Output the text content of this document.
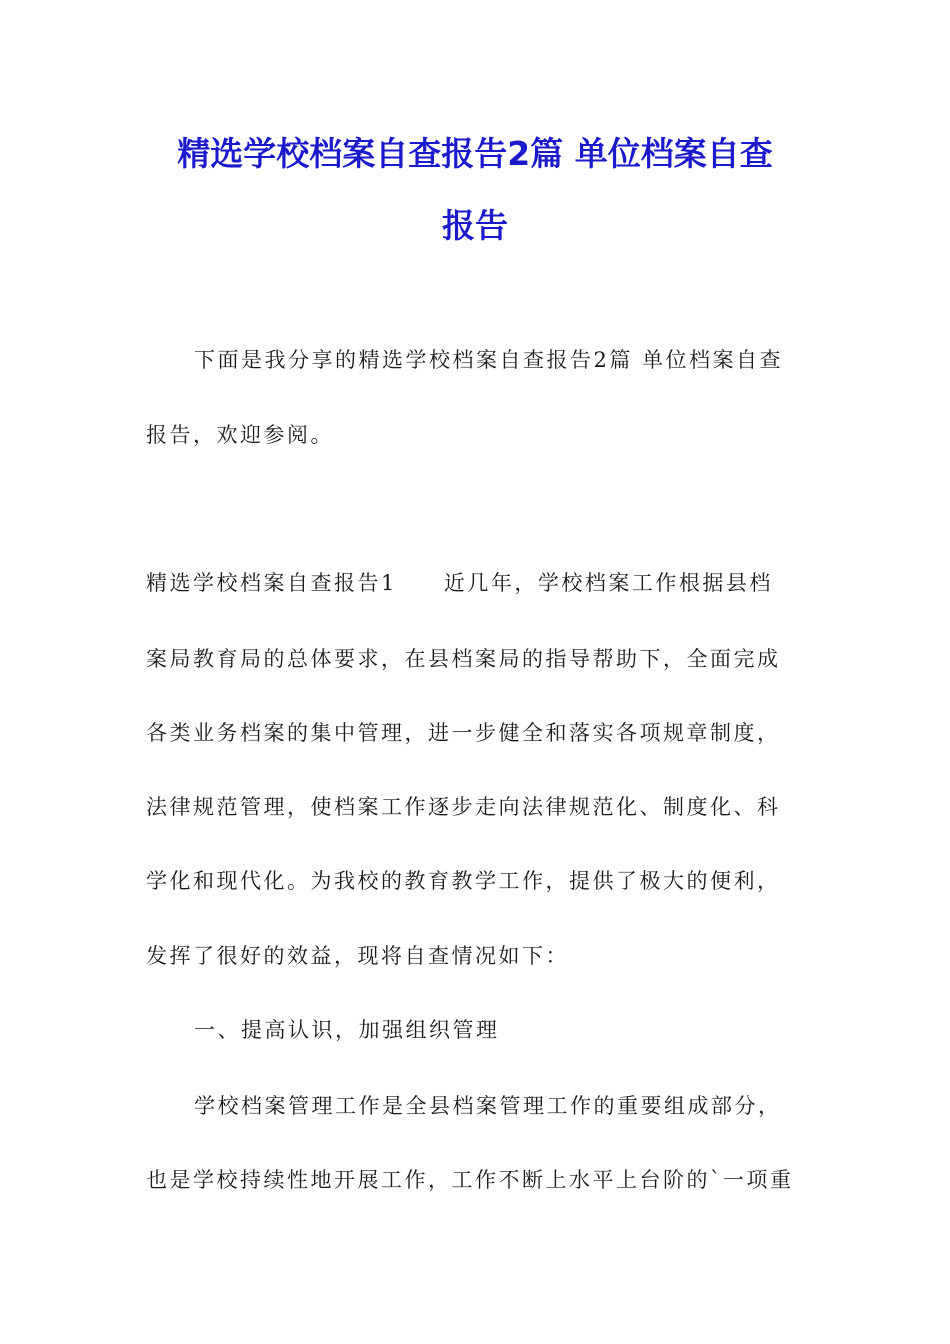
精选学校档案自查报告2篇 单位档案自查
报告
下面是我分享的精选学校档案自查报告2篇 单位档案自查
报告，欢迎参阅。
精选学校档案自查报告1　　近几年，学校档案工作根据县档
案局教育局的总体要求，在县档案局的指导帮助下，全面完成
各类业务档案的集中管理，进一步健全和落实各项规章制度，
法律规范管理，使档案工作逐步走向法律规范化、制度化、科
学化和现代化。为我校的教育教学工作，提供了极大的便利，
发挥了很好的效益，现将自查情况如下：
一、提高认识，加强组织管理
学校档案管理工作是全县档案管理工作的重要组成部分，
也是学校持续性地开展工作，工作不断上水平上台阶的`一项重
